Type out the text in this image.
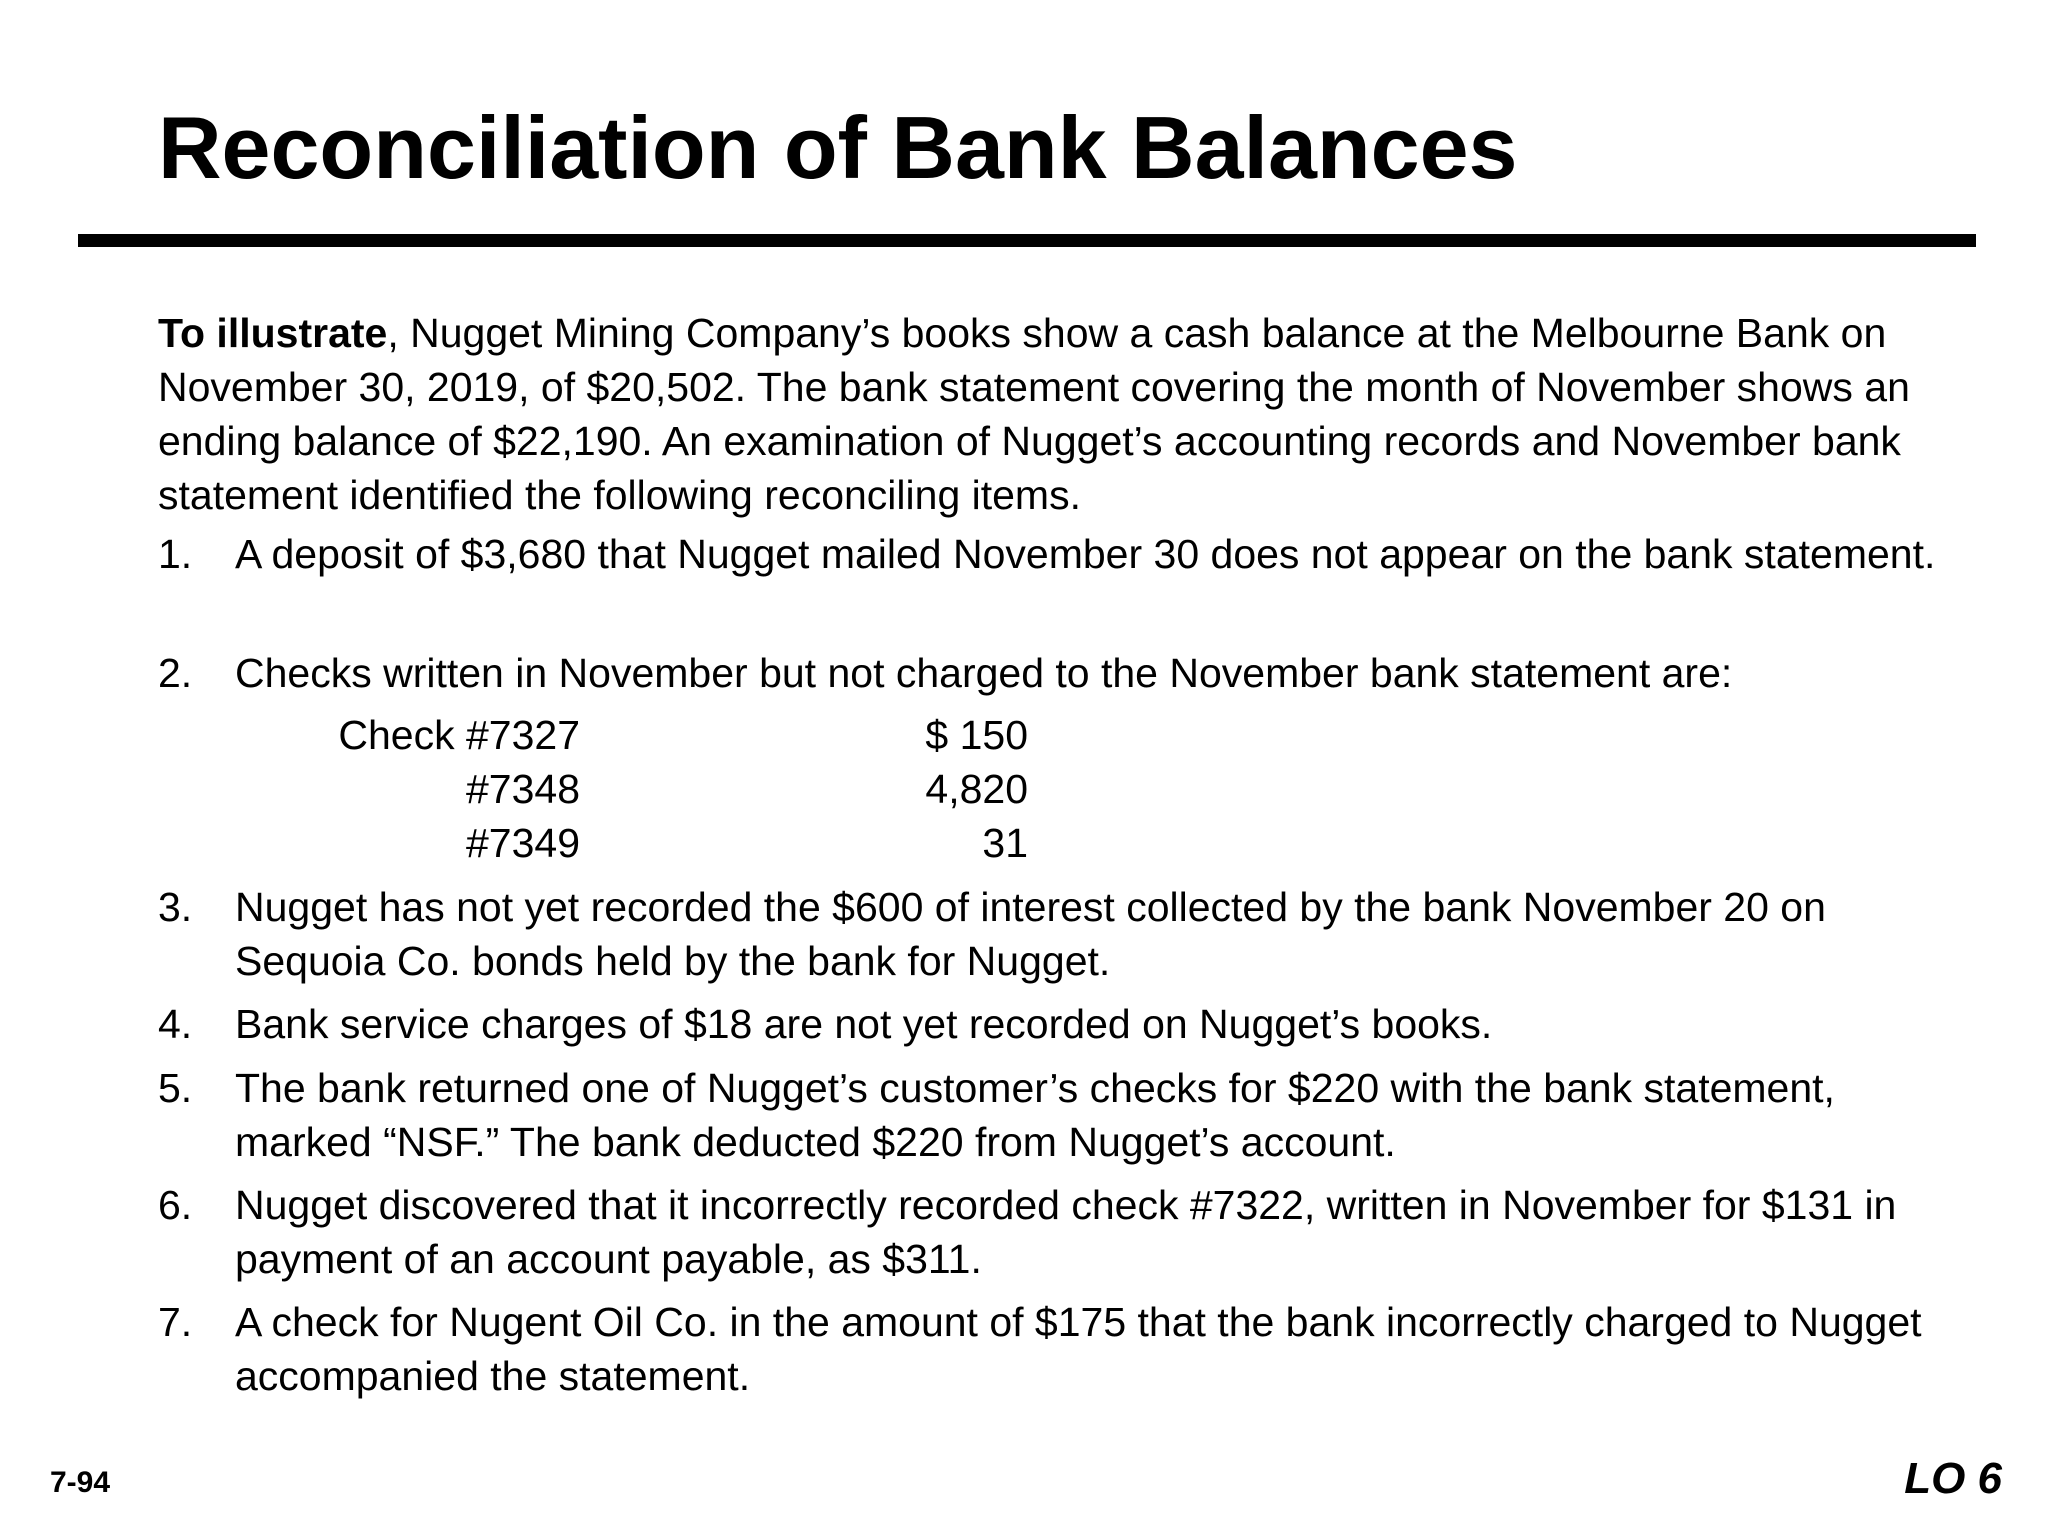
Reconciliation of Bank Balances

To illustrate, Nugget Mining Company’s books show a cash balance at the Melbourne Bank on November 30, 2019, of $20,502. The bank statement covering the month of November shows an ending balance of $22,190. An examination of Nugget’s accounting records and November bank statement identified the following reconciling items.

1. A deposit of $3,680 that Nugget mailed November 30 does not appear on the bank statement.
2. Checks written in November but not charged to the November bank statement are:
Check #7327	$ 150
#7348	4,820
#7349	31
3. Nugget has not yet recorded the $600 of interest collected by the bank November 20 on Sequoia Co. bonds held by the bank for Nugget.
4. Bank service charges of $18 are not yet recorded on Nugget’s books.
5. The bank returned one of Nugget’s customer’s checks for $220 with the bank statement, marked “NSF.” The bank deducted $220 from Nugget’s account.
6. Nugget discovered that it incorrectly recorded check #7322, written in November for $131 in payment of an account payable, as $311.
7. A check for Nugent Oil Co. in the amount of $175 that the bank incorrectly charged to Nugget accompanied the statement.
7-94	LO 6
